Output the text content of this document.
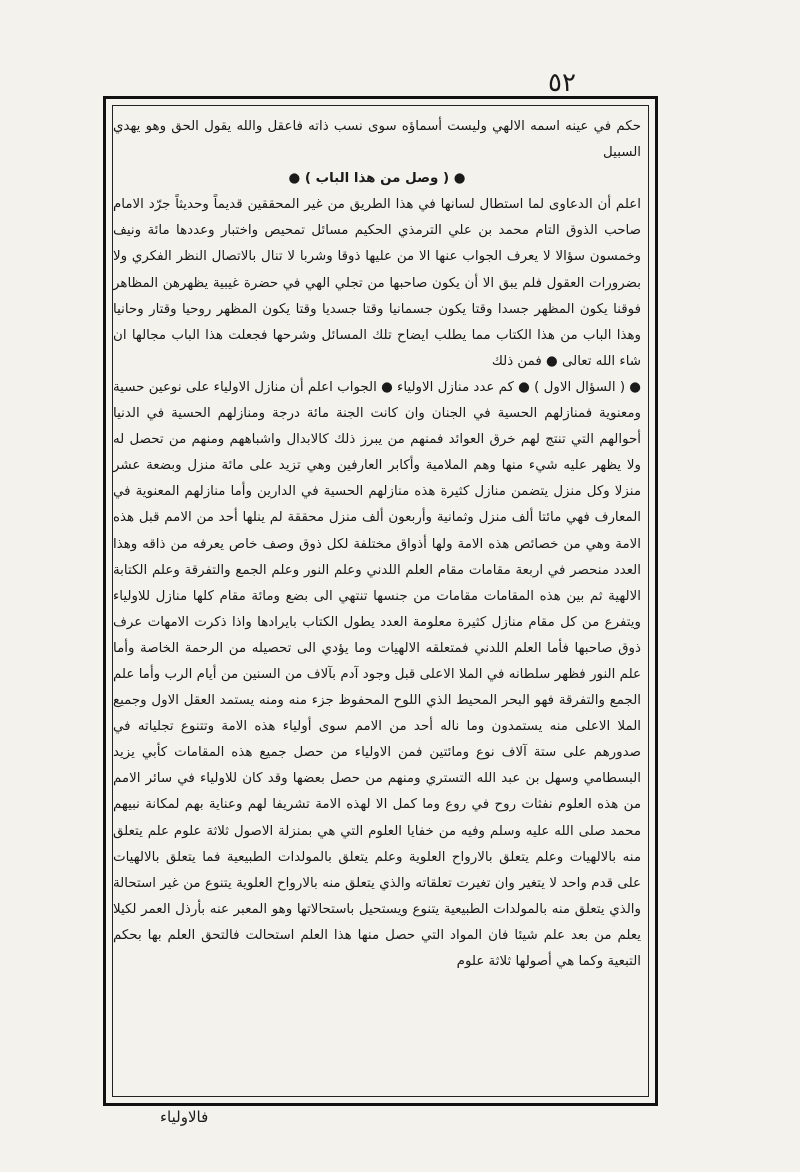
٥٢

حكم في عينه اسمه الالهي وليست أسماؤه سوى نسب ذاته فاعقل والله يقول الحق وهو يهدي السبيل

● ( وصل من هذا الباب ) ●

اعلم أن الدعاوى لما استطال لسانها في هذا الطريق من غير المحققين قديماً وحديثاً جرّد الامام صاحب الذوق التام محمد بن علي الترمذي الحكيم مسائل تمحيص واختبار وعددها مائة ونيف وخمسون سؤالا لا يعرف الجواب عنها الا من عليها ذوقا وشربا لا تنال بالاتصال النظر الفكري ولا بضرورات العقول فلم يبق الا أن يكون صاحبها من تجلي الهي في حضرة غيبية يظهرهن المظاهر فوقنا يكون المظهر جسدا وقتا يكون جسمانيا وقتا جسديا وقتا يكون المظهر روحيا وقتار وحانيا وهذا الباب من هذا الكتاب مما يطلب ايضاح تلك المسائل وشرحها فجعلت هذا الباب مجالها ان شاء الله تعالى ● فمن ذلك

● ( السؤال الاول ) ● كم عدد منازل الاولياء ● الجواب اعلم أن منازل الاولياء على نوعين حسية ومعنوية فمنازلهم الحسية في الجنان وان كانت الجنة مائة درجة ومنازلهم الحسية في الدنيا أحوالهم التي تنتج لهم خرق العوائد فمنهم من يبرز ذلك كالابدال واشباههم ومنهم من تحصل له ولا يظهر عليه شيء منها وهم الملامية وأكابر العارفين وهي تزيد على مائة منزل وبضعة عشر منزلا وكل منزل يتضمن منازل كثيرة هذه منازلهم الحسية في الدارين وأما منازلهم المعنوية في المعارف فهي مائتا ألف منزل وثمانية وأربعون ألف منزل محققة لم ينلها أحد من الامم قبل هذه الامة وهي من خصائص هذه الامة ولها أذواق مختلفة لكل ذوق وصف خاص يعرفه من ذاقه وهذا العدد منحصر في اربعة مقامات مقام العلم اللدني وعلم النور وعلم الجمع والتفرقة وعلم الكتابة الالهية ثم بين هذه المقامات مقامات من جنسها تنتهي الى بضع ومائة مقام كلها منازل للاولياء ويتفرع من كل مقام منازل كثيرة معلومة العدد يطول الكتاب بايرادها واذا ذكرت الامهات عرف ذوق صاحبها فأما العلم اللدني فمتعلقه الالهيات وما يؤدي الى تحصيله من الرحمة الخاصة وأما علم النور فظهر سلطانه في الملا الاعلى قبل وجود آدم بآلاف من السنين من أيام الرب وأما علم الجمع والتفرقة فهو البحر المحيط الذي اللوح المحفوظ جزء منه ومنه يستمد العقل الاول وجميع الملا الاعلى منه يستمدون وما ناله أحد من الامم سوى أولياء هذه الامة وتتنوع تجلياته في صدورهم على ستة آلاف نوع ومائتين فمن الاولياء من حصل جميع هذه المقامات كأبي يزيد البسطامي وسهل بن عبد الله التستري ومنهم من حصل بعضها وقد كان للاولياء في سائر الامم من هذه العلوم نفثات روح في روع وما كمل الا لهذه الامة تشريفا لهم وعناية بهم لمكانة نبيهم محمد صلى الله عليه وسلم وفيه من خفايا العلوم التي هي بمنزلة الاصول ثلاثة علوم علم يتعلق منه بالالهيات وعلم يتعلق بالارواح العلوية وعلم يتعلق بالمولدات الطبيعية فما يتعلق بالالهيات على قدم واحد لا يتغير وان تغيرت تعلقاته والذي يتعلق منه بالارواح العلوية يتنوع من غير استحالة والذي يتعلق منه بالمولدات الطبيعية يتنوع ويستحيل باستحالاتها وهو المعبر عنه بأرذل العمر لكيلا يعلم من بعد علم شيئا فان المواد التي حصل منها هذا العلم استحالت فالتحق العلم بها بحكم التبعية وكما هي أصولها ثلاثة علوم

فالاولياء
